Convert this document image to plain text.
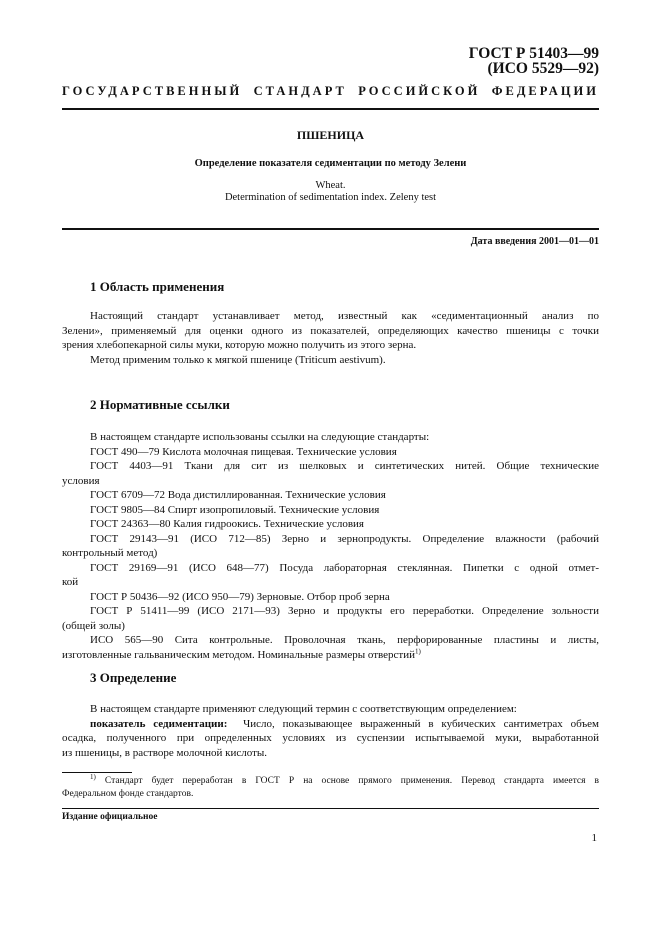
ГОСТ Р 51403—99
(ИСО 5529—92)
ГОСУДАРСТВЕННЫЙ СТАНДАРТ РОССИЙСКОЙ ФЕДЕРАЦИИ
ПШЕНИЦА
Определение показателя седиментации по методу Зелени
Wheat.
Determination of sedimentation index. Zeleny test
Дата введения 2001—01—01
1 Область применения

Настоящий стандарт устанавливает метод, известный как «седиментационный анализ по

Зелени», применяемый для оценки одного из показателей, определяющих качество пшеницы с точки

зрения хлебопекарной силы муки, которую можно получить из этого зерна.

Метод применим только к мягкой пшенице (Triticum aestivum).

2 Нормативные ссылки

В настоящем стандарте использованы ссылки на следующие стандарты:

ГОСТ 490—79 Кислота молочная пищевая. Технические условия

ГОСТ 4403—91 Ткани для сит из шелковых и синтетических нитей. Общие технические

условия

ГОСТ 6709—72 Вода дистиллированная. Технические условия

ГОСТ 9805—84 Спирт изопропиловый. Технические условия

ГОСТ 24363—80 Калия гидроокись. Технические условия

ГОСТ 29143—91 (ИСО 712—85) Зерно и зернопродукты. Определение влажности (рабочий

контрольный метод)

ГОСТ 29169—91 (ИСО 648—77) Посуда лабораторная стеклянная. Пипетки с одной отмет-

кой

ГОСТ Р 50436—92 (ИСО 950—79) Зерновые. Отбор проб зерна

ГОСТ Р 51411—99 (ИСО 2171—93) Зерно и продукты его переработки. Определение зольности

(общей золы)

ИСО 565—90 Сита контрольные. Проволочная ткань, перфорированные пластины и листы,

изготовленные гальваническим методом. Номинальные размеры отверстий$^{1)}$

3 Определение

В настоящем стандарте применяют следующий термин с соответствующим определением:

показатель седиментации: Число, показывающее выраженный в кубических сантиметрах объем

осадка, полученного при определенных условиях из суспензии испытываемой муки, выработанной

из пшеницы, в растворе молочной кислоты.

$^{1)}$ Стандарт будет переработан в ГОСТ Р на основе прямого применения. Перевод стандарта имеется в

Федеральном фонде стандартов.

Издание официальное
1
